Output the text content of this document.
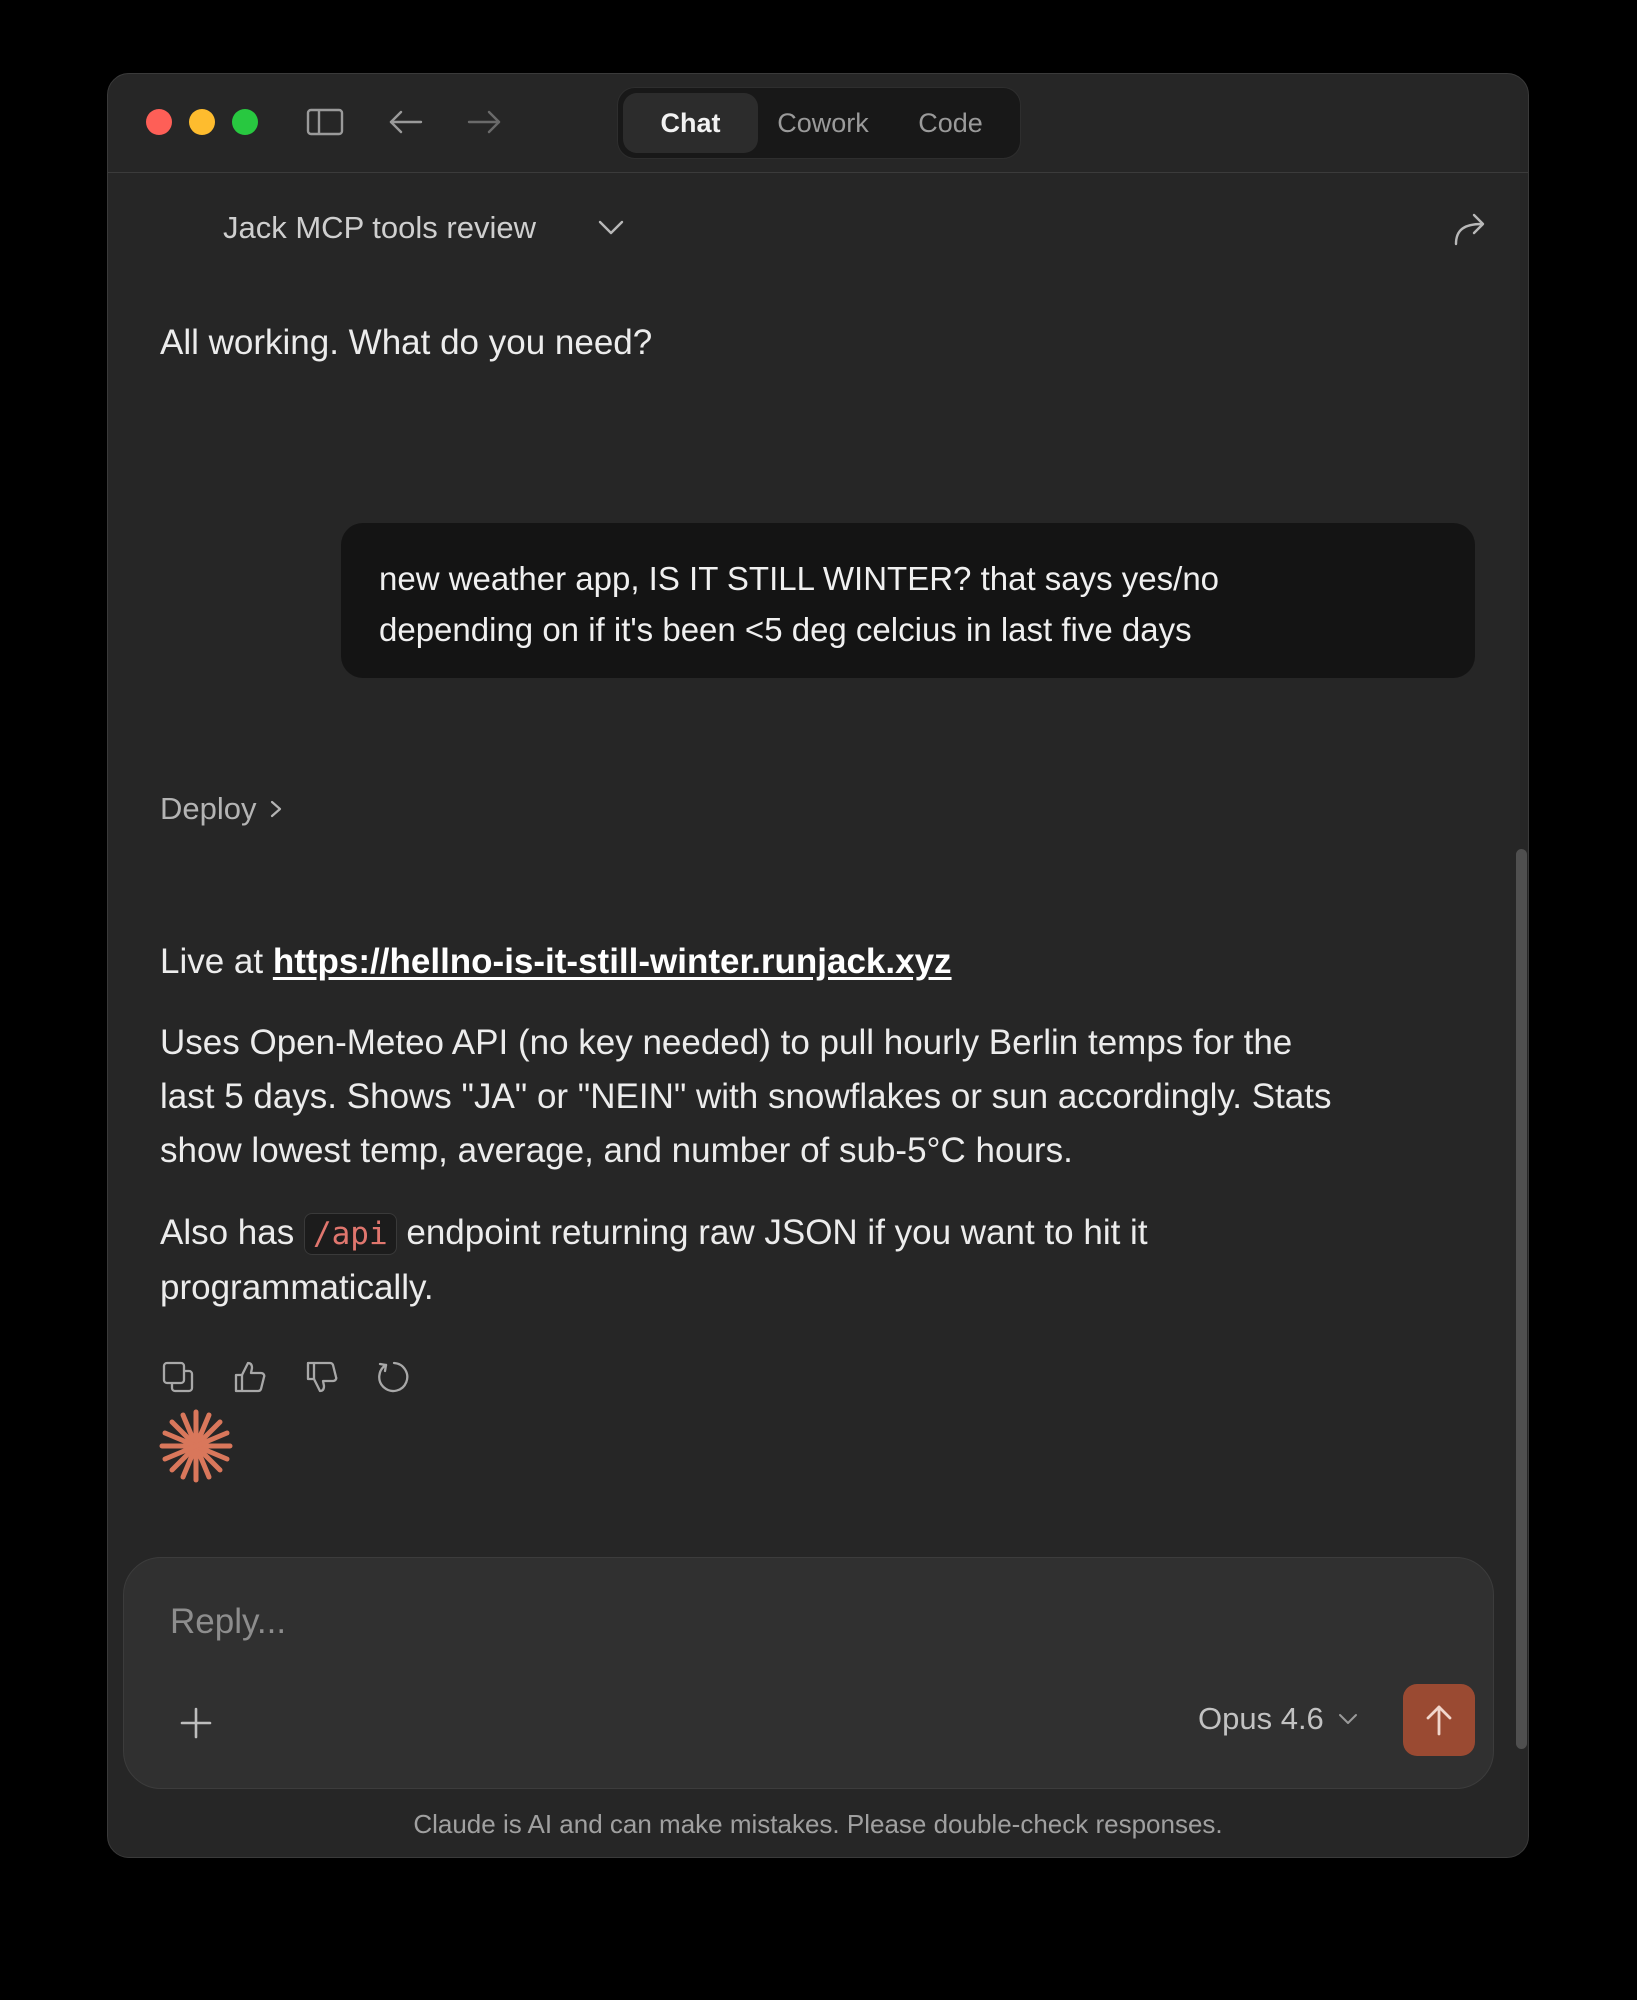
Chat	Cowork	Code
Jack MCP tools review
All working. What do you need?
new weather app, IS IT STILL WINTER? that says yes/no
depending on if it's been <5 deg celcius in last five days
Deploy
Live at https://hellno-is-it-still-winter.runjack.xyz
Uses Open-Meteo API (no key needed) to pull hourly Berlin temps for the
last 5 days. Shows "JA" or "NEIN" with snowflakes or sun accordingly. Stats
show lowest temp, average, and number of sub-5°C hours.
Also has /api endpoint returning raw JSON if you want to hit it
programmatically.
Reply...
Opus 4.6
Claude is AI and can make mistakes. Please double-check responses.
